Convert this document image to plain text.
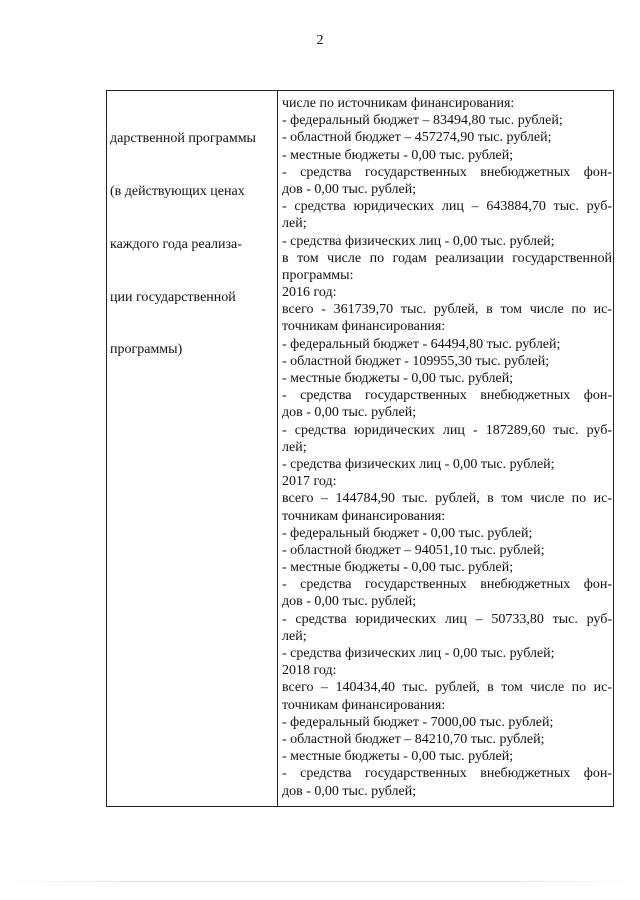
2

дарственной программы

(в действующих ценах

каждого года реализа-

ции государственной

программы)

числе по источникам финансирования:
- федеральный бюджет – 83494,80 тыс. рублей;
- областной бюджет – 457274,90 тыс. рублей;
- местные бюджеты - 0,00 тыс. рублей;
- средства государственных внебюджетных фон-
дов - 0,00 тыс. рублей;
- средства юридических лиц – 643884,70 тыс. руб-
лей;
- средства физических лиц - 0,00 тыс. рублей;
в том числе по годам реализации государственной
программы:
2016 год:
всего - 361739,70 тыс. рублей, в том числе по ис-
точникам финансирования:
- федеральный бюджет - 64494,80 тыс. рублей;
- областной бюджет - 109955,30 тыс. рублей;
- местные бюджеты - 0,00 тыс. рублей;
- средства государственных внебюджетных фон-
дов - 0,00 тыс. рублей;
- средства юридических лиц - 187289,60 тыс. руб-
лей;
- средства физических лиц - 0,00 тыс. рублей;
2017 год:
всего – 144784,90 тыс. рублей, в том числе по ис-
точникам финансирования:
- федеральный бюджет - 0,00 тыс. рублей;
- областной бюджет – 94051,10 тыс. рублей;
- местные бюджеты - 0,00 тыс. рублей;
- средства государственных внебюджетных фон-
дов - 0,00 тыс. рублей;
- средства юридических лиц – 50733,80 тыс. руб-
лей;
- средства физических лиц - 0,00 тыс. рублей;
2018 год:
всего – 140434,40 тыс. рублей, в том числе по ис-
точникам финансирования:
- федеральный бюджет - 7000,00 тыс. рублей;
- областной бюджет – 84210,70 тыс. рублей;
- местные бюджеты - 0,00 тыс. рублей;
- средства государственных внебюджетных фон-
дов - 0,00 тыс. рублей;
